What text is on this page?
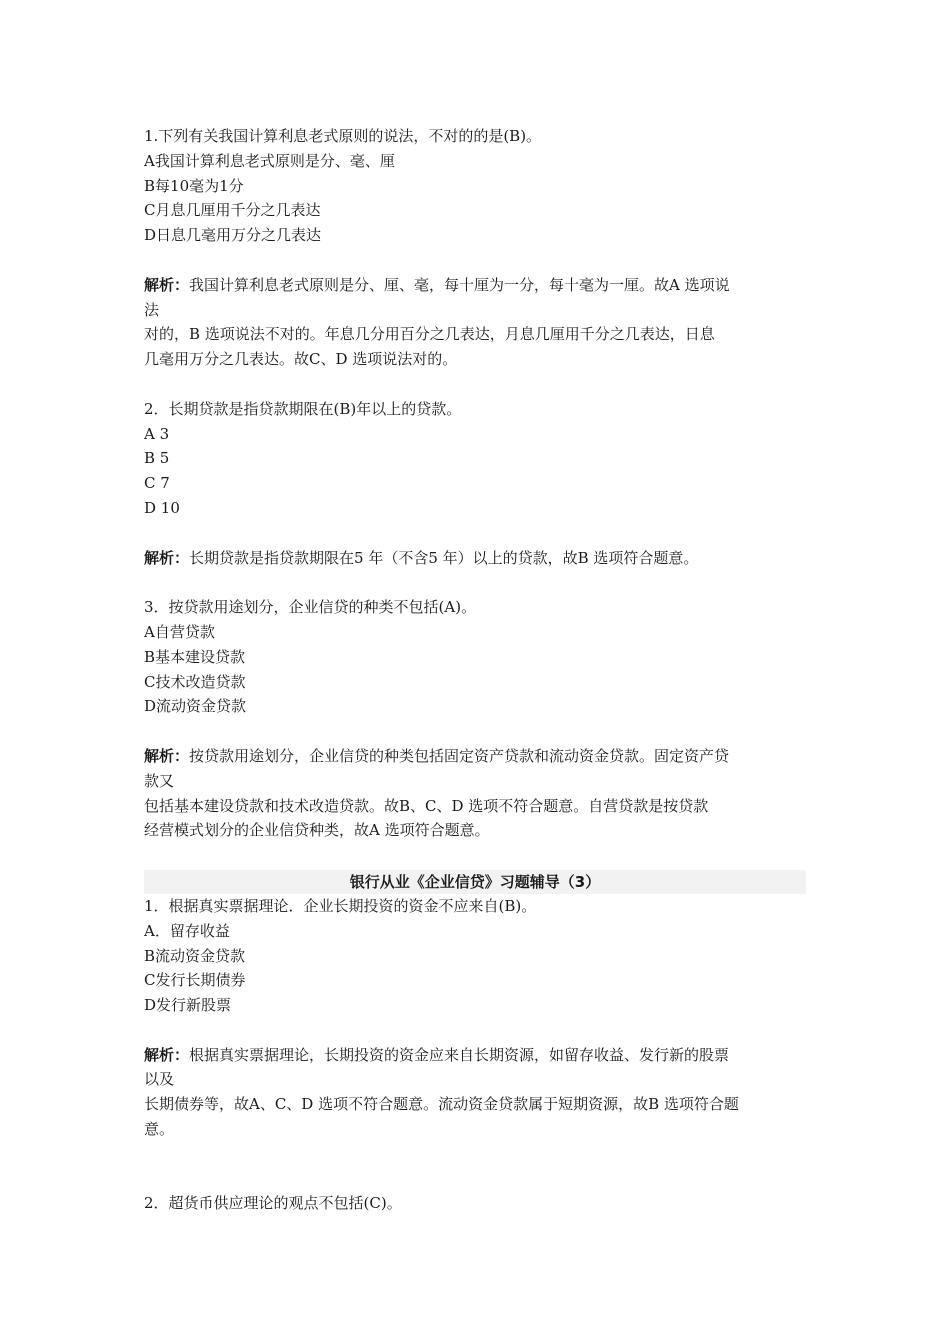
1.下列有关我国计算利息老式原则的说法，不对的的是(B)。
A我国计算利息老式原则是分、毫、厘
B每10毫为1分
C月息几厘用千分之几表达
D日息几毫用万分之几表达
解析：我国计算利息老式原则是分、厘、毫，每十厘为一分，每十毫为一厘。故A 选项说
法
对的，B 选项说法不对的。年息几分用百分之几表达，月息几厘用千分之几表达，日息
几毫用万分之几表达。故C、D 选项说法对的。
2．长期贷款是指贷款期限在(B)年以上的贷款。
A 3
B 5
C 7
D 10
解析：长期贷款是指贷款期限在5 年（不含5 年）以上的贷款，故B 选项符合题意。
3．按贷款用途划分，企业信贷的种类不包括(A)。
A自营贷款
B基本建设贷款
C技术改造贷款
D流动资金贷款
解析：按贷款用途划分，企业信贷的种类包括固定资产贷款和流动资金贷款。固定资产贷
款又
包括基本建设贷款和技术改造贷款。故B、C、D 选项不符合题意。自营贷款是按贷款
经营模式划分的企业信贷种类，故A 选项符合题意。
银行从业《企业信贷》习题辅导（3）
1．根据真实票据理论．企业长期投资的资金不应来自(B)。
A．留存收益
B流动资金贷款
C发行长期债券
D发行新股票
解析：根据真实票据理论，长期投资的资金应来自长期资源，如留存收益、发行新的股票
以及
长期债券等，故A、C、D 选项不符合题意。流动资金贷款属于短期资源，故B 选项符合题
意。
2．超货币供应理论的观点不包括(C)。
